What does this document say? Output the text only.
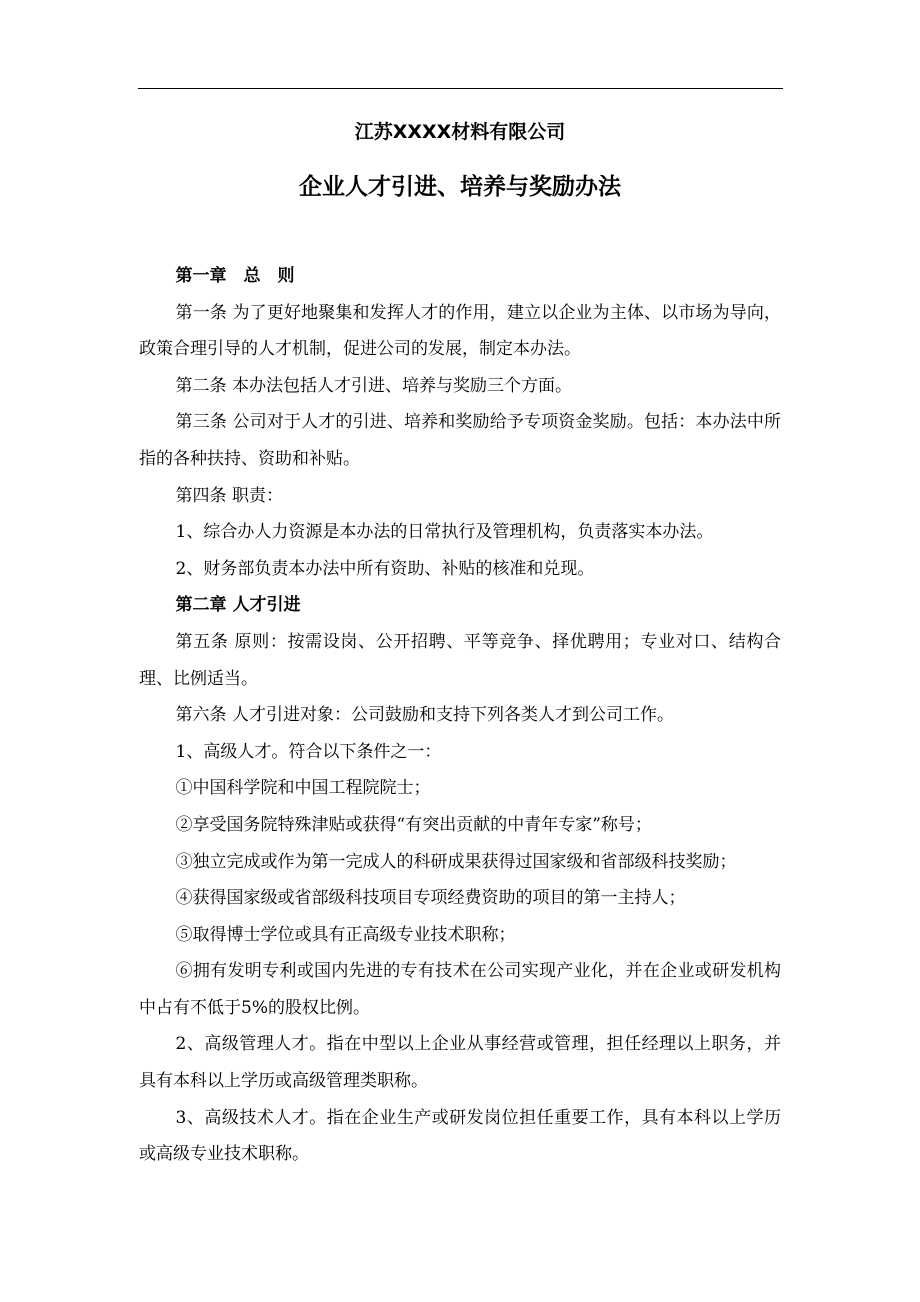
江苏XXXX材料有限公司
企业人才引进、培养与奖励办法

第一章　总　则

第一条 为了更好地聚集和发挥人才的作用，建立以企业为主体、以市场为导向，政策合理引导的人才机制，促进公司的发展，制定本办法。

第二条 本办法包括人才引进、培养与奖励三个方面。

第三条 公司对于人才的引进、培养和奖励给予专项资金奖励。包括：本办法中所指的各种扶持、资助和补贴。

第四条 职责：

1、综合办人力资源是本办法的日常执行及管理机构，负责落实本办法。

2、财务部负责本办法中所有资助、补贴的核准和兑现。

第二章 人才引进

第五条 原则：按需设岗、公开招聘、平等竞争、择优聘用；专业对口、结构合理、比例适当。

第六条 人才引进对象：公司鼓励和支持下列各类人才到公司工作。

1、高级人才。符合以下条件之一：

①中国科学院和中国工程院院士；

②享受国务院特殊津贴或获得“有突出贡献的中青年专家”称号；

③独立完成或作为第一完成人的科研成果获得过国家级和省部级科技奖励；

④获得国家级或省部级科技项目专项经费资助的项目的第一主持人；

⑤取得博士学位或具有正高级专业技术职称；

⑥拥有发明专利或国内先进的专有技术在公司实现产业化，并在企业或研发机构中占有不低于5%的股权比例。

2、高级管理人才。指在中型以上企业从事经营或管理，担任经理以上职务，并具有本科以上学历或高级管理类职称。

3、高级技术人才。指在企业生产或研发岗位担任重要工作，具有本科以上学历或高级专业技术职称。
